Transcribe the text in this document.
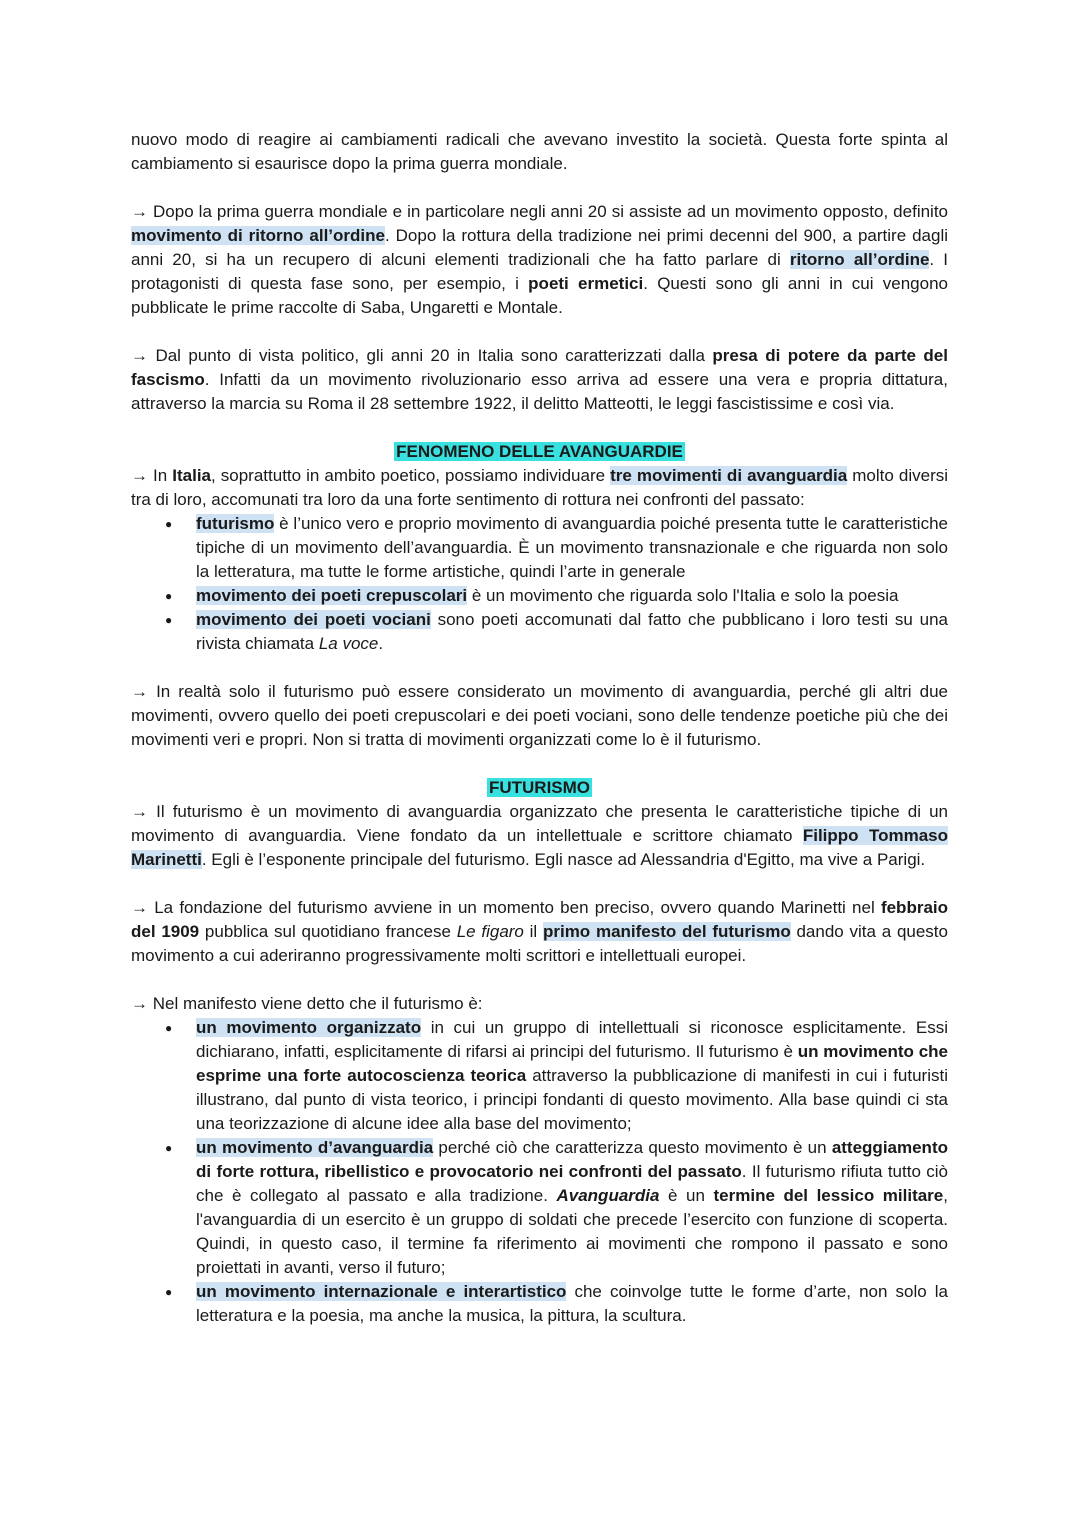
nuovo modo di reagire ai cambiamenti radicali che avevano investito la società. Questa forte spinta al cambiamento si esaurisce dopo la prima guerra mondiale.

→ Dopo la prima guerra mondiale e in particolare negli anni 20 si assiste ad un movimento opposto, definito movimento di ritorno all’ordine. Dopo la rottura della tradizione nei primi decenni del 900, a partire dagli anni 20, si ha un recupero di alcuni elementi tradizionali che ha fatto parlare di ritorno all’ordine. I protagonisti di questa fase sono, per esempio, i poeti ermetici. Questi sono gli anni in cui vengono pubblicate le prime raccolte di Saba, Ungaretti e Montale.

→ Dal punto di vista politico, gli anni 20 in Italia sono caratterizzati dalla presa di potere da parte del fascismo. Infatti da un movimento rivoluzionario esso arriva ad essere una vera e propria dittatura, attraverso la marcia su Roma il 28 settembre 1922, il delitto Matteotti, le leggi fascistissime e così via.

FENOMENO DELLE AVANGUARDIE

→ In Italia, soprattutto in ambito poetico, possiamo individuare tre movimenti di avanguardia molto diversi tra di loro, accomunati tra loro da una forte sentimento di rottura nei confronti del passato:

● futurismo è l’unico vero e proprio movimento di avanguardia poiché presenta tutte le caratteristiche tipiche di un movimento dell’avanguardia. È un movimento transnazionale e che riguarda non solo la letteratura, ma tutte le forme artistiche, quindi l’arte in generale
● movimento dei poeti crepuscolari è un movimento che riguarda solo l'Italia e solo la poesia
● movimento dei poeti vociani sono poeti accomunati dal fatto che pubblicano i loro testi su una rivista chiamata La voce.

→ In realtà solo il futurismo può essere considerato un movimento di avanguardia, perché gli altri due movimenti, ovvero quello dei poeti crepuscolari e dei poeti vociani, sono delle tendenze poetiche più che dei movimenti veri e propri. Non si tratta di movimenti organizzati come lo è il futurismo.

FUTURISMO

→ Il futurismo è un movimento di avanguardia organizzato che presenta le caratteristiche tipiche di un movimento di avanguardia. Viene fondato da un intellettuale e scrittore chiamato Filippo Tommaso Marinetti. Egli è l’esponente principale del futurismo. Egli nasce ad Alessandria d'Egitto, ma vive a Parigi.

→ La fondazione del futurismo avviene in un momento ben preciso, ovvero quando Marinetti nel febbraio del 1909 pubblica sul quotidiano francese Le figaro il primo manifesto del futurismo dando vita a questo movimento a cui aderiranno progressivamente molti scrittori e intellettuali europei.

→ Nel manifesto viene detto che il futurismo è:

● un movimento organizzato in cui un gruppo di intellettuali si riconosce esplicitamente. Essi dichiarano, infatti, esplicitamente di rifarsi ai principi del futurismo. Il futurismo è un movimento che esprime una forte autocoscienza teorica attraverso la pubblicazione di manifesti in cui i futuristi illustrano, dal punto di vista teorico, i principi fondanti di questo movimento. Alla base quindi ci sta una teorizzazione di alcune idee alla base del movimento;
● un movimento d’avanguardia perché ciò che caratterizza questo movimento è un atteggiamento di forte rottura, ribellistico e provocatorio nei confronti del passato. Il futurismo rifiuta tutto ciò che è collegato al passato e alla tradizione. Avanguardia è un termine del lessico militare, l'avanguardia di un esercito è un gruppo di soldati che precede l’esercito con funzione di scoperta. Quindi, in questo caso, il termine fa riferimento ai movimenti che rompono il passato e sono proiettati in avanti, verso il futuro;
● un movimento internazionale e interartistico che coinvolge tutte le forme d’arte, non solo la letteratura e la poesia, ma anche la musica, la pittura, la scultura.
